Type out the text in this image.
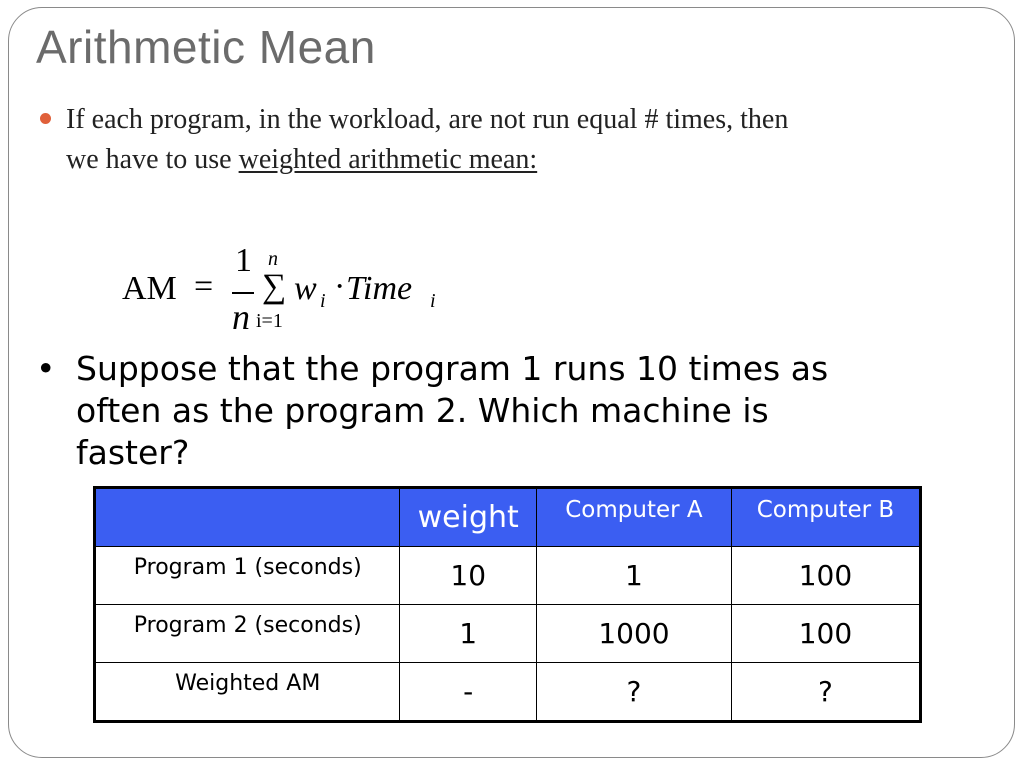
Arithmetic Mean
If each program, in the workload, are not run equal # times, then
we have to use weighted arithmetic mean:
AM =
1
n
n
∑
i=1
w i · Time i
• Suppose that the program 1 runs 10 times as
often as the program 2. Which machine is
faster?
	weight	Computer A	Computer B
Program 1 (seconds)	10	1	100
Program 2 (seconds)	1	1000	100
Weighted AM	-	?	?
